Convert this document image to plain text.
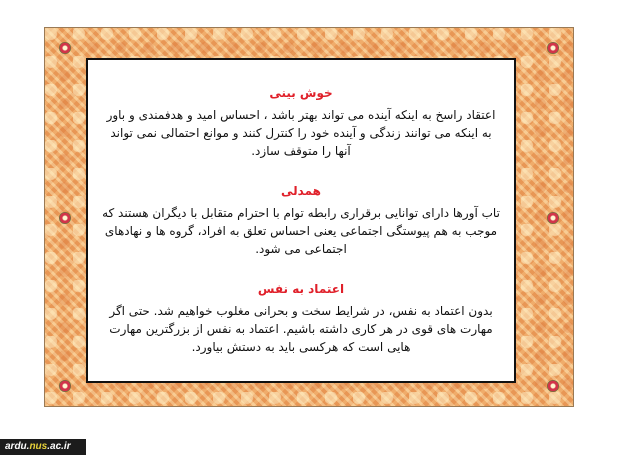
خوش بینی

اعتقاد راسخ به اینکه آینده می تواند بهتر باشد ، احساس امید و هدفمندی و باور به اینکه می توانند زندگی و آینده خود را کنترل کنند و موانع احتمالی نمی تواند آنها را متوقف سازد.

همدلی

تاب آورها دارای توانایی برقراری رابطه توام با احترام متقابل با دیگران هستند که موجب به هم پیوستگی اجتماعی یعنی احساس تعلق به افراد، گروه ها و نهادهای اجتماعی می شود.

اعتماد به نفس

بدون اعتماد به نفس، در شرایط سخت و بحرانی مغلوب خواهیم شد. حتی اگر مهارت های قوی در هر کاری داشته باشیم. اعتماد به نفس از بزرگترین مهارت هایی است که هرکسی باید به دستش بیاورد.

ardu.nus.ac.ir
